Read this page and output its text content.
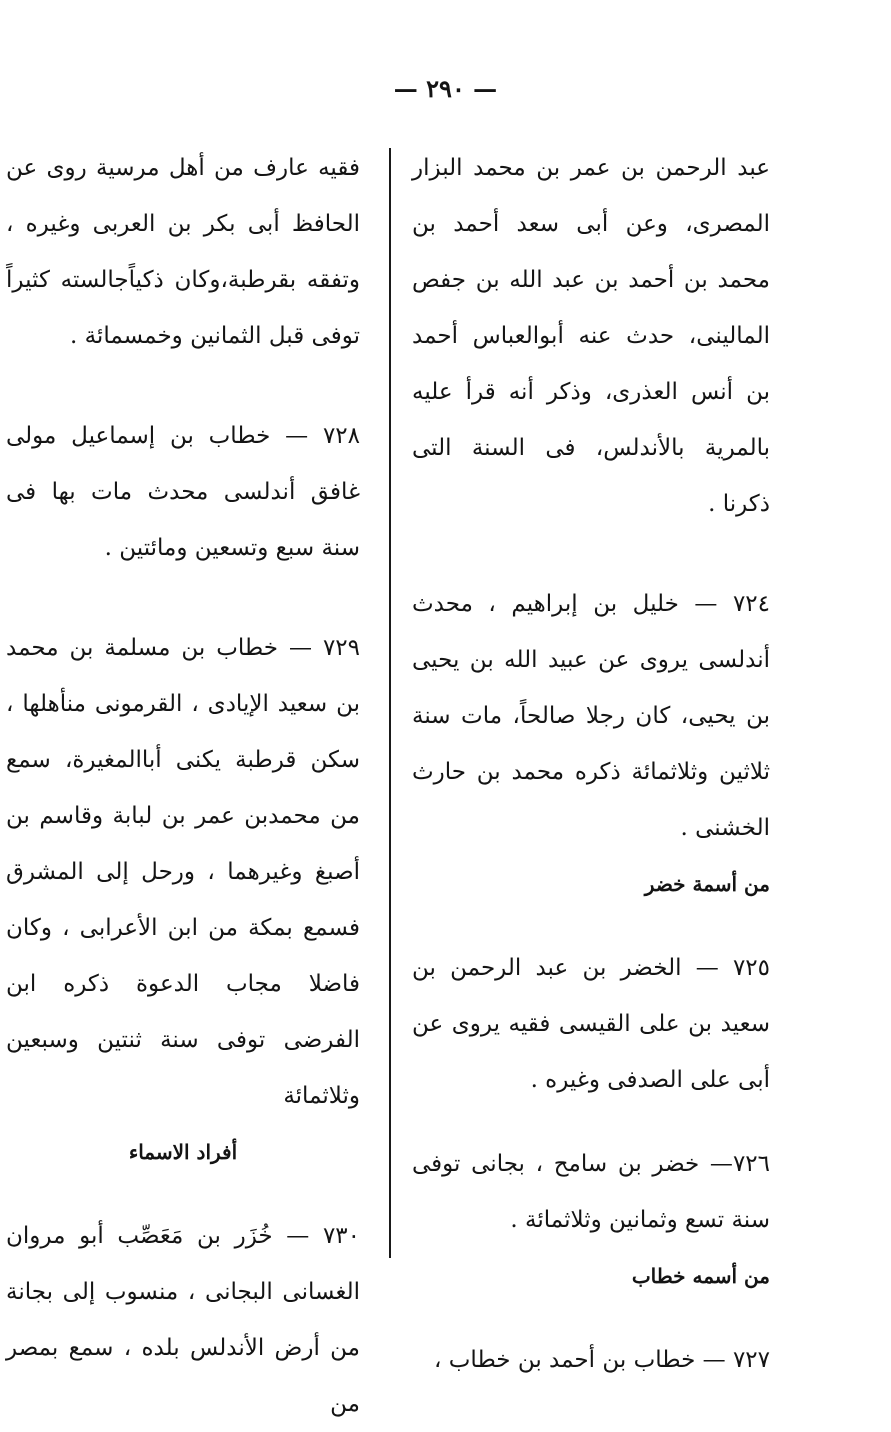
— ٢٩٠ —

عبد الرحمن بن عمر بن محمد البزار المصرى، وعن أبى سعد أحمد بن محمد بن أحمد بن عبد الله بن جفص المالينى، حدث عنه أبوالعباس أحمد بن أنس العذرى، وذكر أنه قرأ عليه بالمرية بالأندلس، فى السنة التى ذكرنا .

٧٢٤ — خليل بن إبراهيم ، محدث أندلسى يروى عن عبيد الله بن يحيى بن يحيى، كان رجلا صالحاً، مات سنة ثلاثين وثلاثمائة ذكره محمد بن حارث الخشنى .

من أسمة خضر

٧٢٥ — الخضر بن عبد الرحمن بن سعيد بن على القيسى فقيه يروى عن أبى على الصدفى وغيره .

٧٢٦— خضر بن سامح ، بجانى توفى سنة تسع وثمانين وثلاثمائة .

من أسمه خطاب

٧٢٧ — خطاب بن أحمد بن خطاب ،

فقيه عارف من أهل مرسية روى عن الحافظ أبى بكر بن العربى وغيره ، وتفقه بقرطبة،وكان ذكياًجالسته كثيراً توفى قبل الثمانين وخمسمائة .

٧٢٨ — خطاب بن إسماعيل مولى غافق أندلسى محدث مات بها فى سنة سبع وتسعين ومائتين .

٧٢٩ — خطاب بن مسلمة بن محمد بن سعيد الإيادى ، القرمونى منأهلها ، سكن قرطبة يكنى أباالمغيرة، سمع من محمدبن عمر بن لبابة وقاسم بن أصبغ وغيرهما ، ورحل إلى المشرق فسمع بمكة من ابن الأعرابى ، وكان فاضلا مجاب الدعوة ذكره ابن الفرضى توفى سنة ثنتين وسبعين وثلاثمائة

أفراد الاسماء

٧٣٠ — خُزَر بن مَعَصِّب أبو مروان الغسانى البجانى ، منسوب إلى بجانة من أرض الأندلس بلده ، سمع بمصر من
